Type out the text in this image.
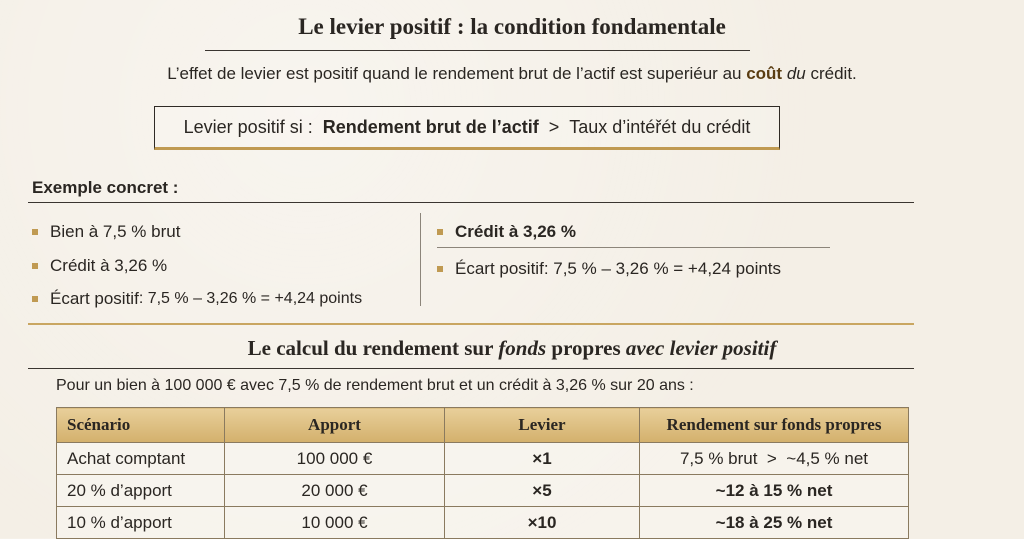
Le levier positif : la condition fondamentale
L’effet de levier est positif quand le rendement brut de l’actif est superiéur au coût du crédit.
Levier positif si : Rendement brut de l’actif > Taux d’intéřét du crédit
Exemple concret :
Bien à 7,5 % brut
Crédit à 3,26 %
Écart positif : 7,5 % – 3,26 % = +4,24 points
Crédit à 3,26 %
Écart positif : 7,5 % – 3,26 % = +4,24 points
Le calcul du rendement sur fonds propres avec levier positif
Pour un bien à 100 000 € avec 7,5 % de rendement brut et un crédit à 3,26 % sur 20 ans :
Scénario	Apport	Levier	Rendement sur fonds propres
Achat comptant	100 000 €	×1	7,5 % brut  >  ~4,5 % net
20 % d’apport	20 000 €	×5	~12 à 15 % net
10 % d’apport	10 000 €	×10	~18 à 25 % net
